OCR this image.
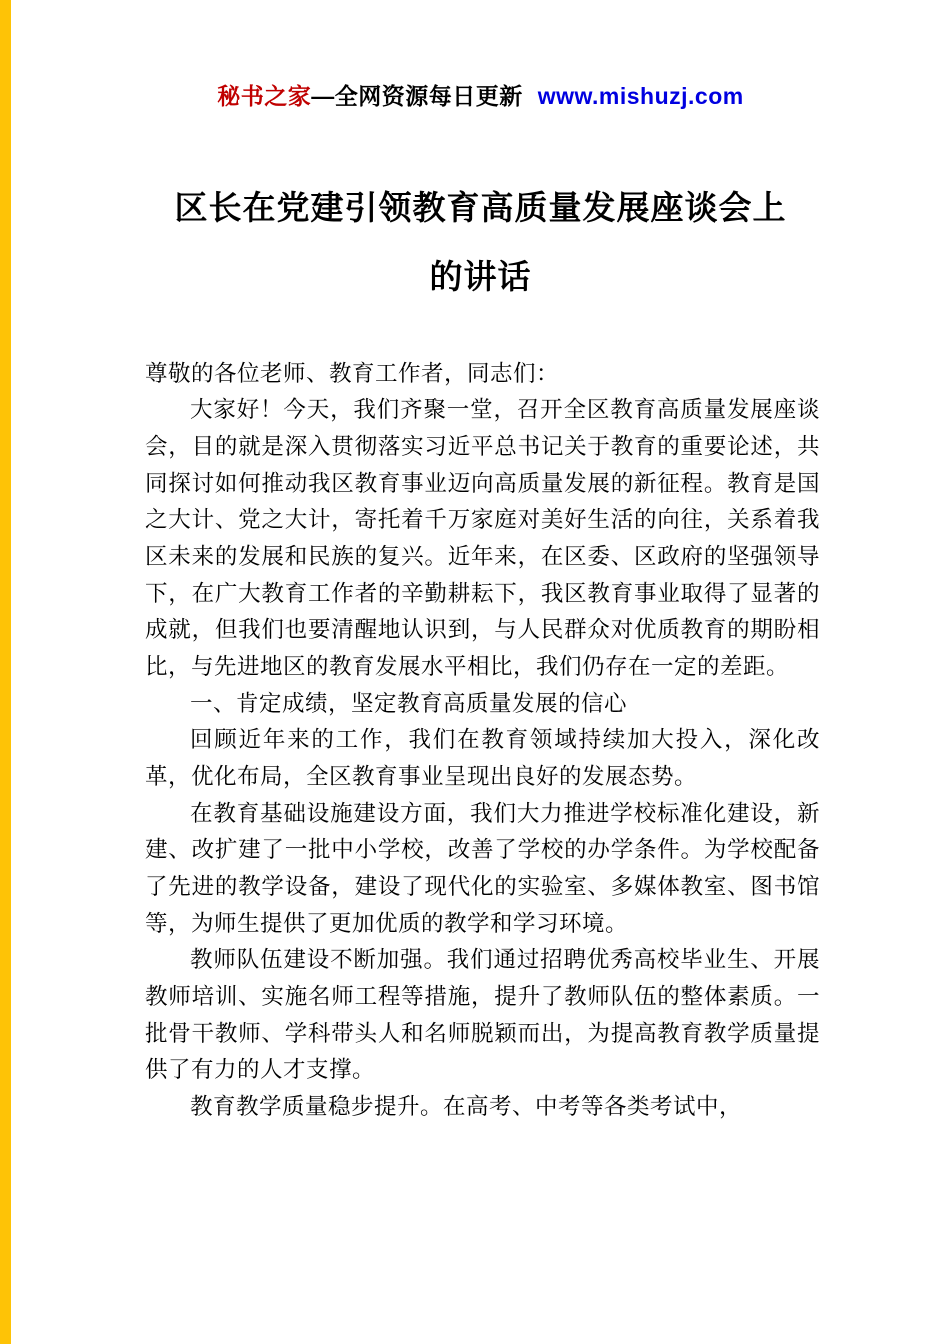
秘书之家—全网资源每日更新 www.mishuzj.com
区长在党建引领教育高质量发展座谈会上
的讲话

尊敬的各位老师、教育工作者，同志们：

大家好！今天，我们齐聚一堂，召开全区教育高质量发展座谈会，目的就是深入贯彻落实习近平总书记关于教育的重要论述，共同探讨如何推动我区教育事业迈向高质量发展的新征程。教育是国之大计、党之大计，寄托着千万家庭对美好生活的向往，关系着我区未来的发展和民族的复兴。近年来，在区委、区政府的坚强领导下，在广大教育工作者的辛勤耕耘下，我区教育事业取得了显著的成就，但我们也要清醒地认识到，与人民群众对优质教育的期盼相比，与先进地区的教育发展水平相比，我们仍存在一定的差距。

一、肯定成绩，坚定教育高质量发展的信心

回顾近年来的工作，我们在教育领域持续加大投入，深化改革，优化布局，全区教育事业呈现出良好的发展态势。

在教育基础设施建设方面，我们大力推进学校标准化建设，新建、改扩建了一批中小学校，改善了学校的办学条件。为学校配备了先进的教学设备，建设了现代化的实验室、多媒体教室、图书馆等，为师生提供了更加优质的教学和学习环境。

教师队伍建设不断加强。我们通过招聘优秀高校毕业生、开展教师培训、实施名师工程等措施，提升了教师队伍的整体素质。一批骨干教师、学科带头人和名师脱颖而出，为提高教育教学质量提供了有力的人才支撑。

教育教学质量稳步提升。在高考、中考等各类考试中，
